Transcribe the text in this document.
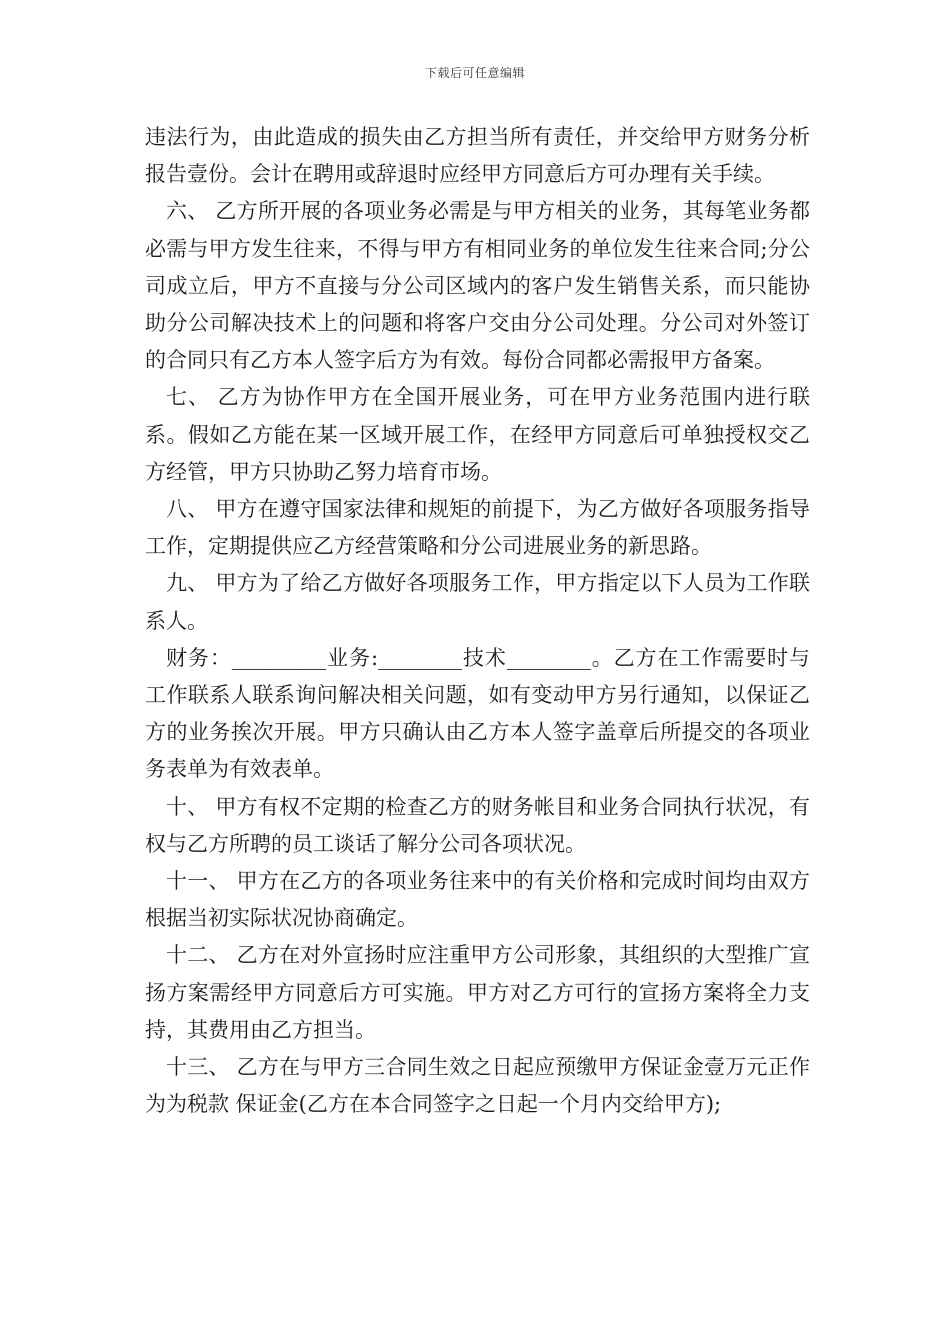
下载后可任意编辑

违法行为，由此造成的损失由乙方担当所有责任，并交给甲方财务分析报告壹份。会计在聘用或辞退时应经甲方同意后方可办理有关手续。

六、 乙方所开展的各项业务必需是与甲方相关的业务，其每笔业务都必需与甲方发生往来，不得与甲方有相同业务的单位发生往来合同;分公司成立后，甲方不直接与分公司区域内的客户发生销售关系，而只能协助分公司解决技术上的问题和将客户交由分公司处理。分公司对外签订的合同只有乙方本人签字后方为有效。每份合同都必需报甲方备案。

七、 乙方为协作甲方在全国开展业务，可在甲方业务范围内进行联系。假如乙方能在某一区域开展工作，在经甲方同意后可单独授权交乙方经管，甲方只协助乙努力培育市场。

八、 甲方在遵守国家法律和规矩的前提下，为乙方做好各项服务指导工作，定期提供应乙方经营策略和分公司进展业务的新思路。

九、 甲方为了给乙方做好各项服务工作，甲方指定以下人员为工作联系人。

财务：_________业务:________技术________。乙方在工作需要时与工作联系人联系询问解决相关问题，如有变动甲方另行通知，以保证乙方的业务挨次开展。甲方只确认由乙方本人签字盖章后所提交的各项业务表单为有效表单。

十、 甲方有权不定期的检查乙方的财务帐目和业务合同执行状况，有权与乙方所聘的员工谈话了解分公司各项状况。

十一、 甲方在乙方的各项业务往来中的有关价格和完成时间均由双方根据当初实际状况协商确定。

十二、 乙方在对外宣扬时应注重甲方公司形象，其组织的大型推广宣扬方案需经甲方同意后方可实施。甲方对乙方可行的宣扬方案将全力支持，其费用由乙方担当。

十三、 乙方在与甲方三合同生效之日起应预缴甲方保证金壹万元正作为为税款 保证金(乙方在本合同签字之日起一个月内交给甲方);
